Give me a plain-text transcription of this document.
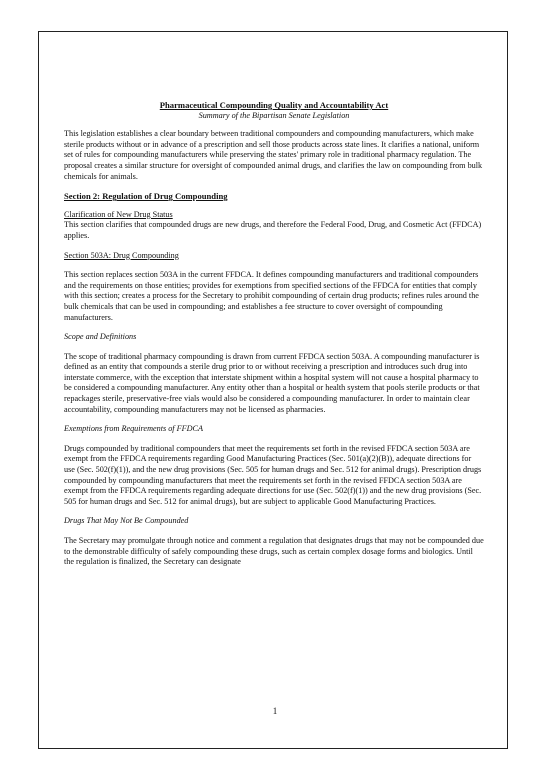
Pharmaceutical Compounding Quality and Accountability Act

Summary of the Bipartisan Senate Legislation

This legislation establishes a clear boundary between traditional compounders and compounding manufacturers, which make sterile products without or in advance of a prescription and sell those products across state lines. It clarifies a national, uniform set of rules for compounding manufacturers while preserving the states' primary role in traditional pharmacy regulation. The proposal creates a similar structure for oversight of compounded animal drugs, and clarifies the law on compounding from bulk chemicals for animals.

Section 2: Regulation of Drug Compounding

Clarification of New Drug Status

This section clarifies that compounded drugs are new drugs, and therefore the Federal Food, Drug, and Cosmetic Act (FFDCA) applies.

Section 503A: Drug Compounding

This section replaces section 503A in the current FFDCA. It defines compounding manufacturers and traditional compounders and the requirements on those entities; provides for exemptions from specified sections of the FFDCA for entities that comply with this section; creates a process for the Secretary to prohibit compounding of certain drug products; refines rules around the bulk chemicals that can be used in compounding; and establishes a fee structure to cover oversight of compounding manufacturers.

Scope and Definitions

The scope of traditional pharmacy compounding is drawn from current FFDCA section 503A. A compounding manufacturer is defined as an entity that compounds a sterile drug prior to or without receiving a prescription and introduces such drug into interstate commerce, with the exception that interstate shipment within a hospital system will not cause a hospital pharmacy to be considered a compounding manufacturer. Any entity other than a hospital or health system that pools sterile products or that repackages sterile, preservative-free vials would also be considered a compounding manufacturer. In order to maintain clear accountability, compounding manufacturers may not be licensed as pharmacies.

Exemptions from Requirements of FFDCA

Drugs compounded by traditional compounders that meet the requirements set forth in the revised FFDCA section 503A are exempt from the FFDCA requirements regarding Good Manufacturing Practices (Sec. 501(a)(2)(B)), adequate directions for use (Sec. 502(f)(1)), and the new drug provisions (Sec. 505 for human drugs and Sec. 512 for animal drugs). Prescription drugs compounded by compounding manufacturers that meet the requirements set forth in the revised FFDCA section 503A are exempt from the FFDCA requirements regarding adequate directions for use (Sec. 502(f)(1)) and the new drug provisions (Sec. 505 for human drugs and Sec. 512 for animal drugs), but are subject to applicable Good Manufacturing Practices.

Drugs That May Not Be Compounded

The Secretary may promulgate through notice and comment a regulation that designates drugs that may not be compounded due to the demonstrable difficulty of safely compounding these drugs, such as certain complex dosage forms and biologics. Until the regulation is finalized, the Secretary can designate

1
